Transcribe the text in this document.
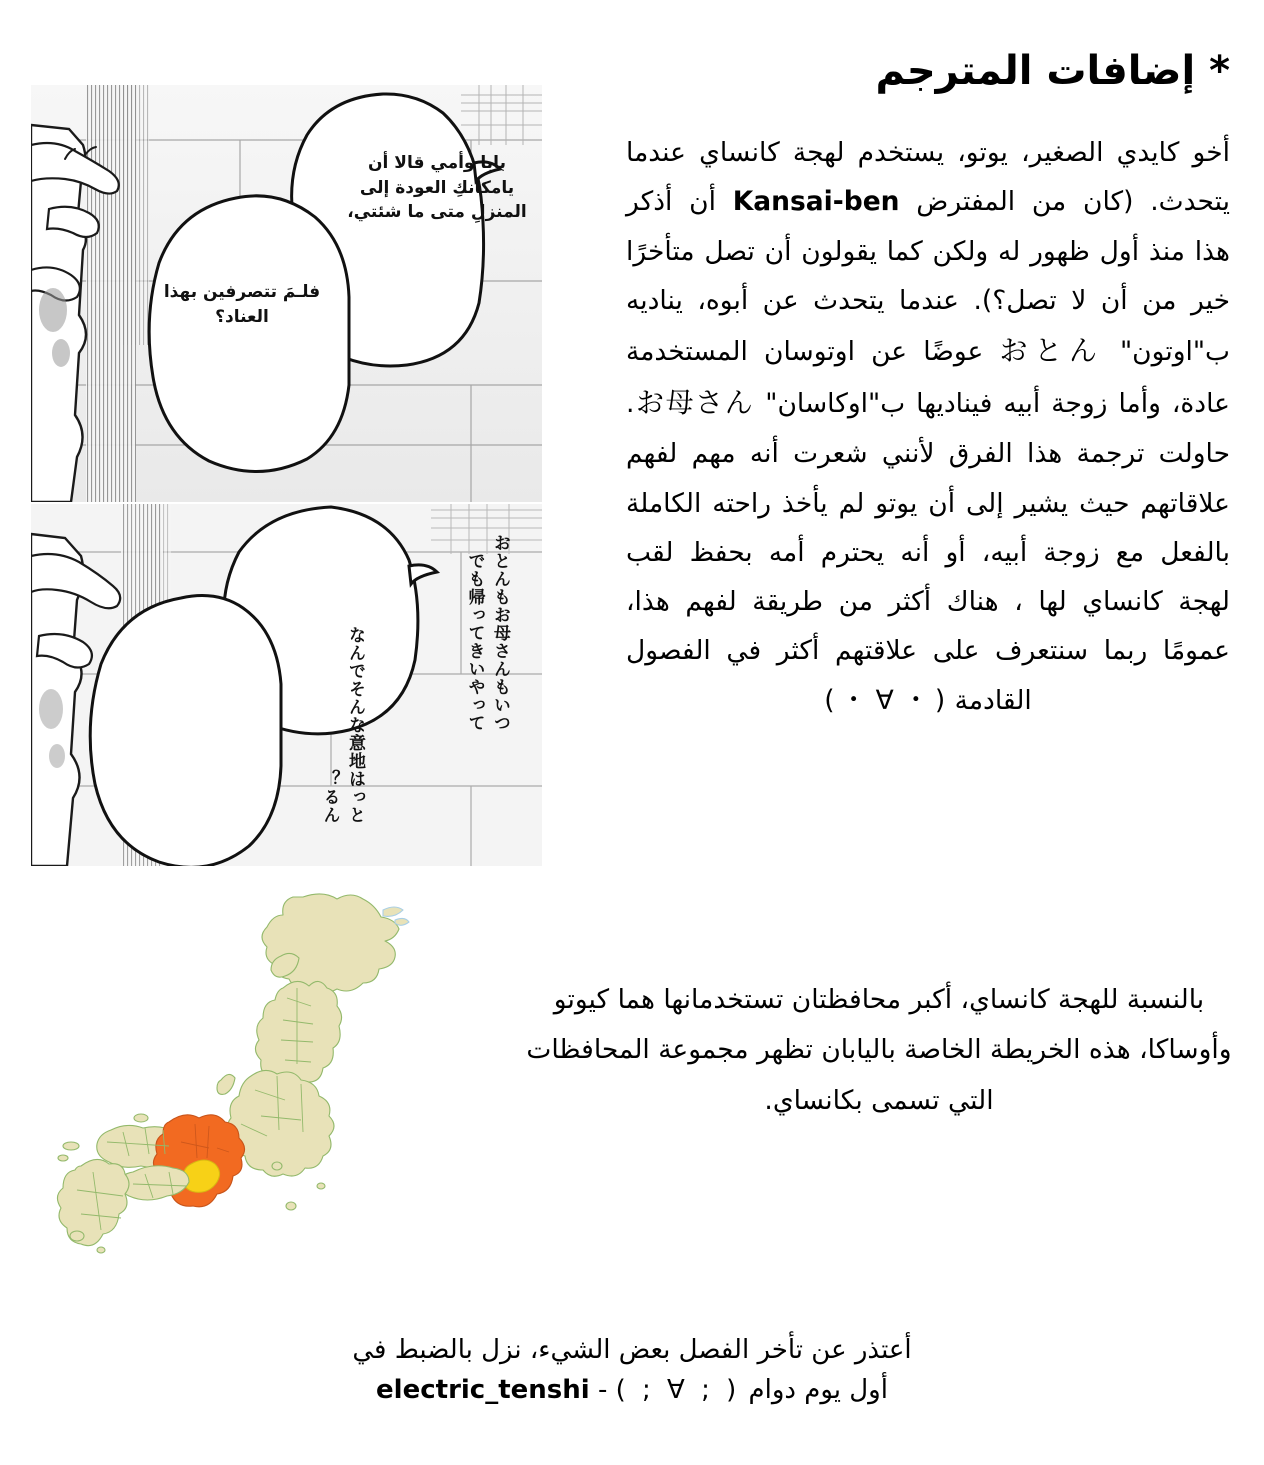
بابا وأمي قالا أن يامكانكِ العودة إلى المنزلِ متى ما شئتي،
فلـمَ تتصرفين بهذا العناد؟
おとんもお母さんもいつでも帰ってきいやって
なんでそんな意地はっとるん？
* إضافات المترجم

أخو كايدي الصغير، يوتو، يستخدم لهجة كانساي عندما يتحدث. (كان من المفترض Kansai-ben أن أذكر هذا منذ أول ظهور له ولكن كما يقولون أن تصل متأخرًا خير من أن لا تصل؟). عندما يتحدث عن أبوه، يناديه ب"اوتون" おとん عوضًا عن اوتوسان المستخدمة عادة، وأما زوجة أبيه فيناديها ب"اوكاسان" お母さん. حاولت ترجمة هذا الفرق لأنني شعرت أنه مهم لفهم علاقاتهم حيث يشير إلى أن يوتو لم يأخذ راحته الكاملة بالفعل مع زوجة أبيه، أو أنه يحترم أمه بحفظ لقب لهجة كانساي لها ، هناك أكثر من طريقة لفهم هذا، عمومًا ربما سنتعرف على علاقتهم أكثر في الفصول القادمة ( ･ ∀ ･ )

بالنسبة للهجة كانساي، أكبر محافظتان تستخدمانها هما كيوتو وأوساكا، هذه الخريطة الخاصة باليابان تظهر مجموعة المحافظات التي تسمى بكانساي.
أعتذر عن تأخر الفصل بعض الشيء، نزل بالضبط في
أول يوم دوام ( ; ∀ ; ) - electric_tenshi
